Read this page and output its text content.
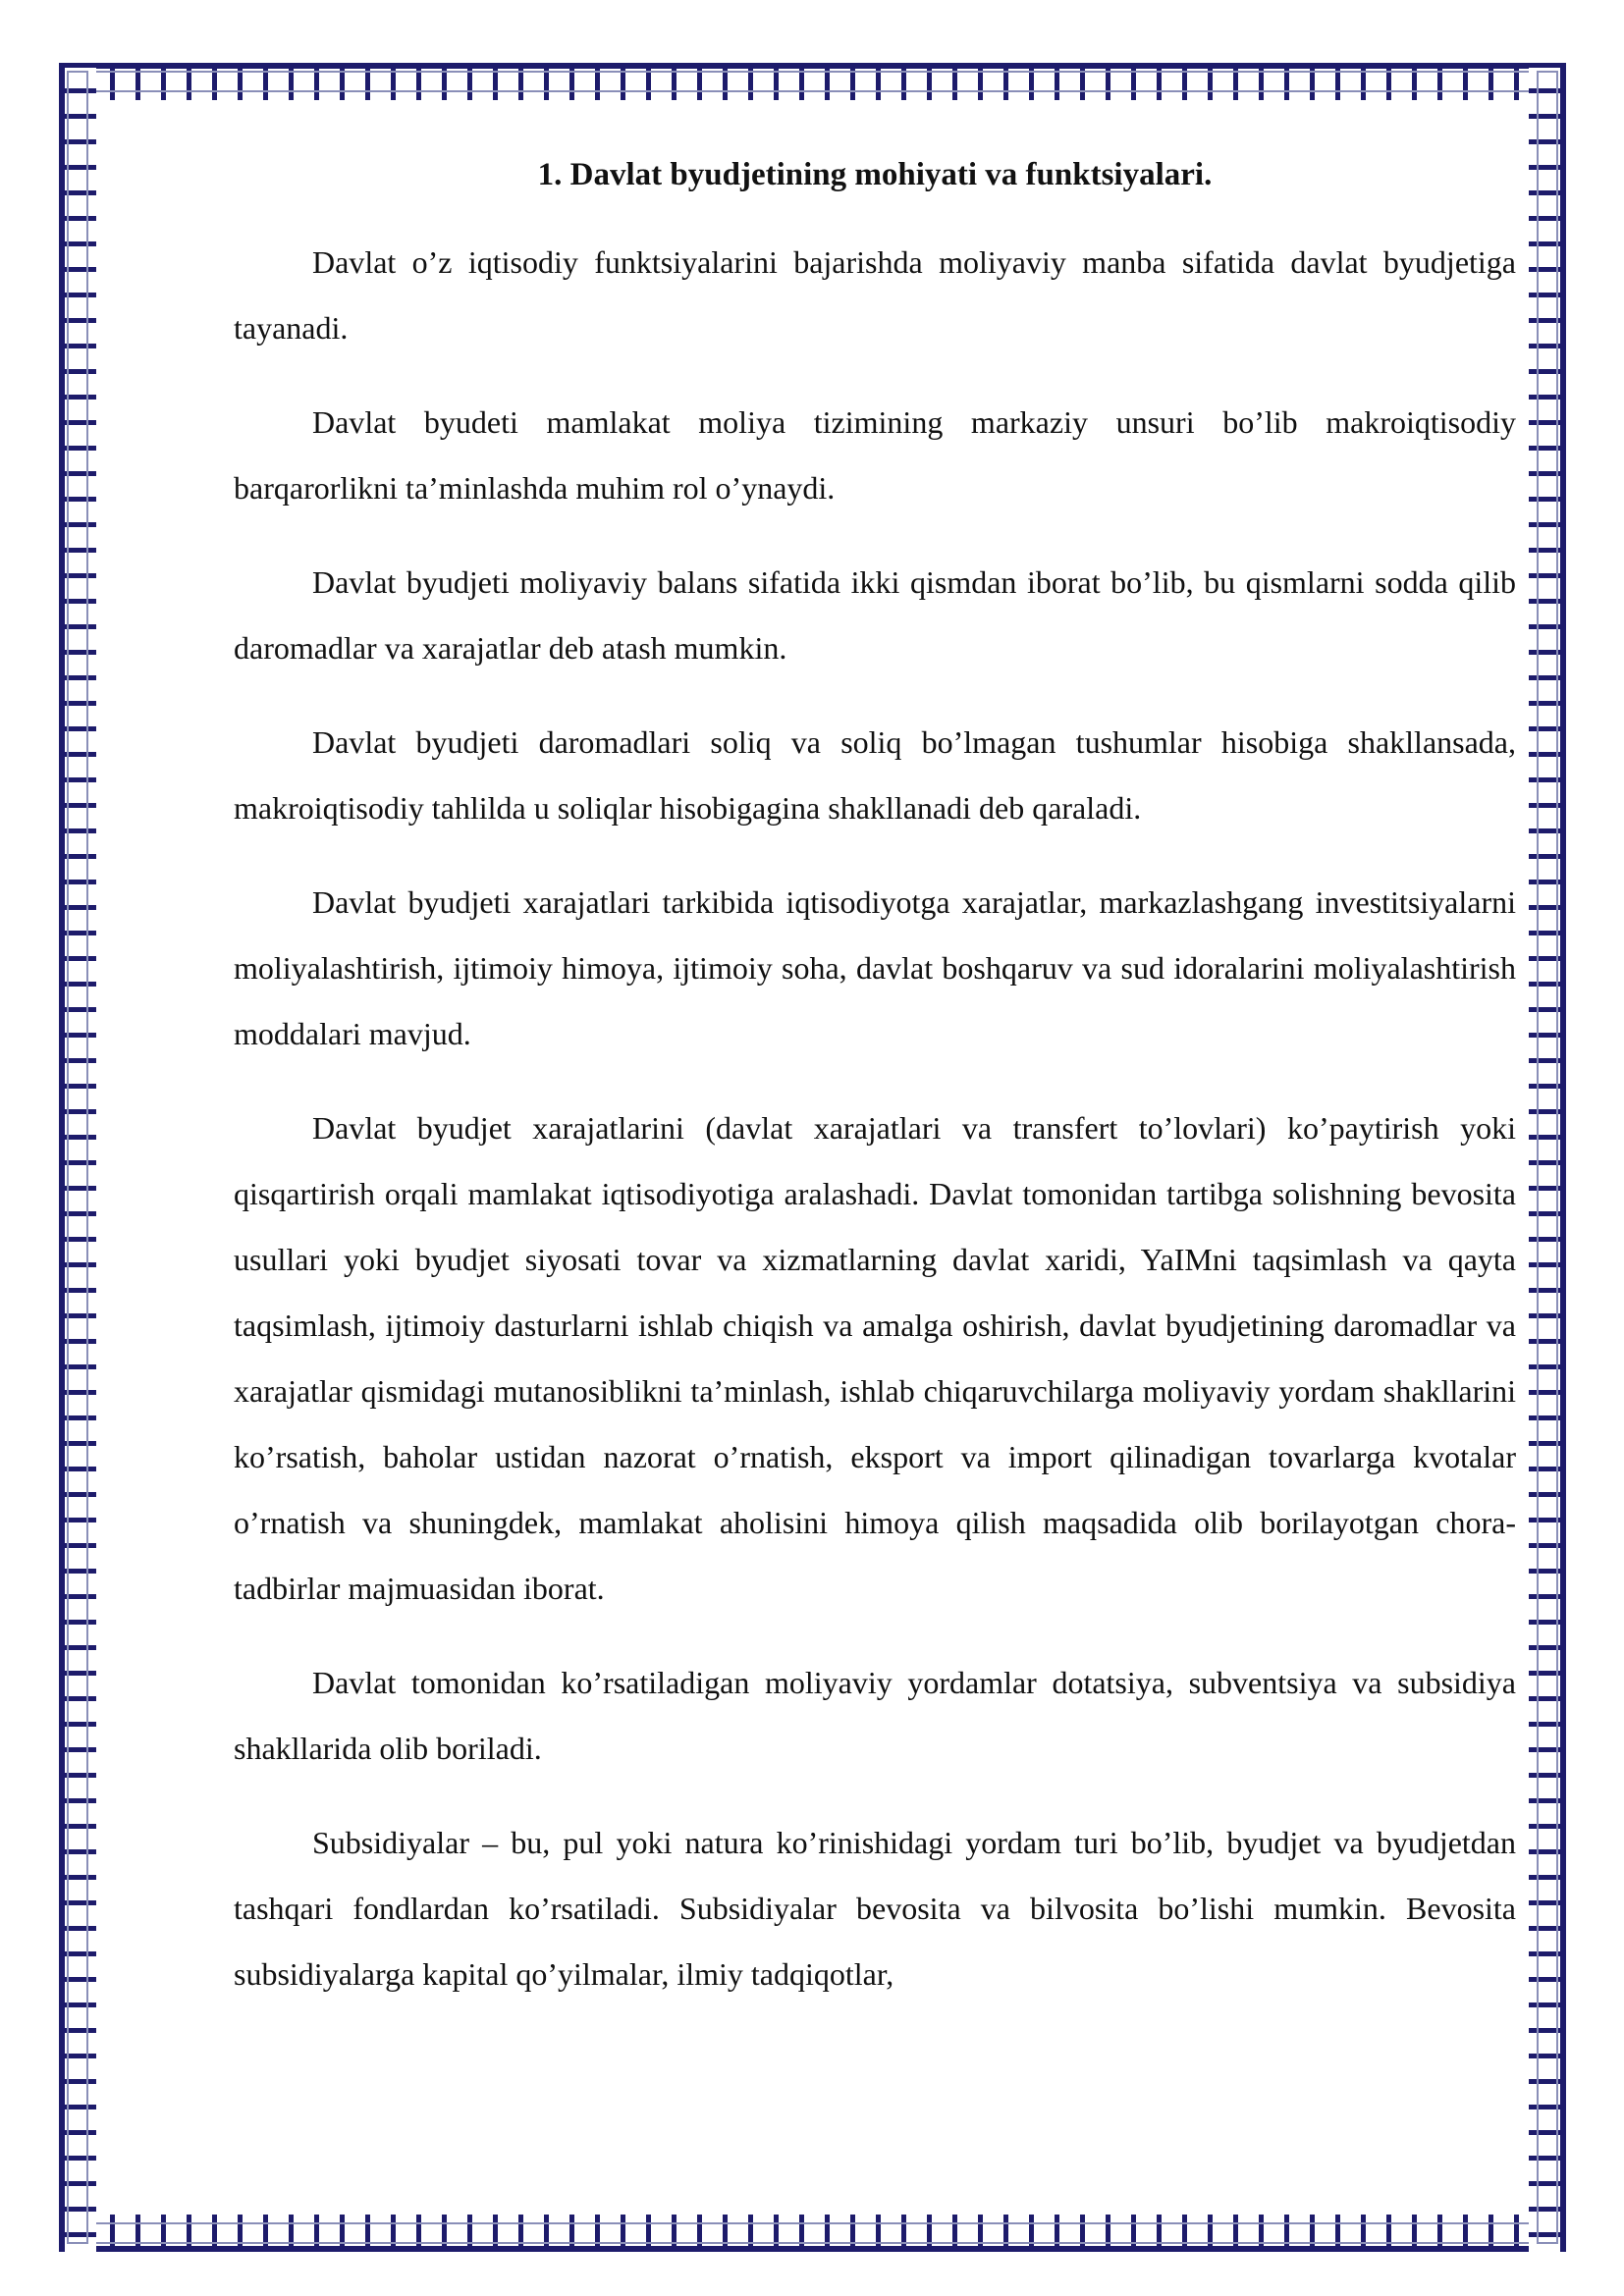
1. Davlat byudjetining mohiyati va funktsiyalari.

Davlat o’z iqtisodiy funktsiyalarini bajarishda moliyaviy manba sifatida davlat byudjetiga tayanadi.

Davlat byudeti mamlakat moliya tizimining markaziy unsuri bo’lib makroiqtisodiy barqarorlikni ta’minlashda muhim rol o’ynaydi.

Davlat byudjeti moliyaviy balans sifatida ikki qismdan iborat bo’lib, bu qismlarni sodda qilib daromadlar va xarajatlar deb atash mumkin.

Davlat byudjeti daromadlari soliq va soliq bo’lmagan tushumlar hisobiga shakllansada, makroiqtisodiy tahlilda u soliqlar hisobigagina shakllanadi deb qaraladi.

Davlat byudjeti xarajatlari tarkibida iqtisodiyotga xarajatlar, markazlashgang investitsiyalarni moliyalashtirish, ijtimoiy himoya, ijtimoiy soha, davlat boshqaruv va sud idoralarini moliyalashtirish moddalari mavjud.

Davlat byudjet xarajatlarini (davlat xarajatlari va transfert to’lovlari) ko’paytirish yoki qisqartirish orqali mamlakat iqtisodiyotiga aralashadi. Davlat tomonidan tartibga solishning bevosita usullari yoki byudjet siyosati tovar va xizmatlarning davlat xaridi, YaIMni taqsimlash va qayta taqsimlash, ijtimoiy dasturlarni ishlab chiqish va amalga oshirish, davlat byudjetining daromadlar va xarajatlar qismidagi mutanosiblikni ta’minlash, ishlab chiqaruvchilarga moliyaviy yordam shakllarini ko’rsatish, baholar ustidan nazorat o’rnatish, eksport va import qilinadigan tovarlarga kvotalar o’rnatish va shuningdek, mamlakat aholisini himoya qilish maqsadida olib borilayotgan chora-tadbirlar majmuasidan iborat.

Davlat tomonidan ko’rsatiladigan moliyaviy yordamlar dotatsiya, subventsiya va subsidiya shakllarida olib boriladi.

Subsidiyalar – bu, pul yoki natura ko’rinishidagi yordam turi bo’lib, byudjet va byudjetdan tashqari fondlardan ko’rsatiladi. Subsidiyalar bevosita va bilvosita bo’lishi mumkin. Bevosita subsidiyalarga kapital qo’yilmalar, ilmiy tadqiqotlar,
